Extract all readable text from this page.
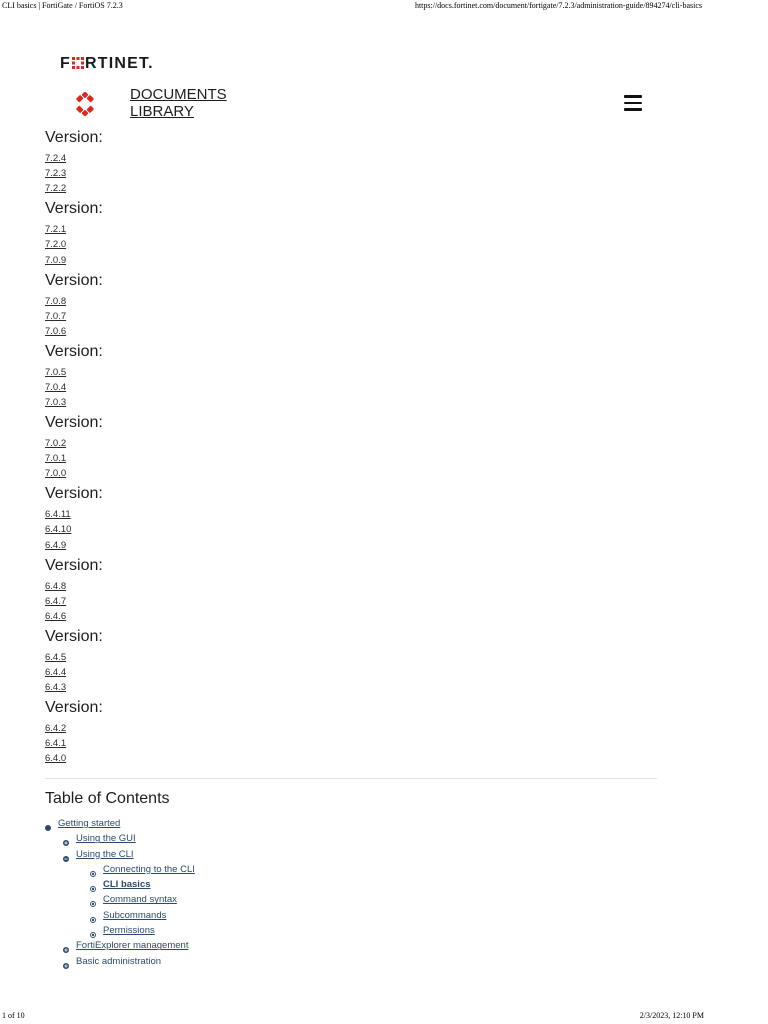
CLI basics | FortiGate / FortiOS 7.2.3	https://docs.fortinet.com/document/fortigate/7.2.3/administration-guide/894274/cli-basics
F RTINET.
DOCUMENTS
LIBRARY
Version:
7.2.4
7.2.3
7.2.2
Version:
7.2.1
7.2.0
7.0.9
Version:
7.0.8
7.0.7
7.0.6
Version:
7.0.5
7.0.4
7.0.3
Version:
7.0.2
7.0.1
7.0.0
Version:
6.4.11
6.4.10
6.4.9
Version:
6.4.8
6.4.7
6.4.6
Version:
6.4.5
6.4.4
6.4.3
Version:
6.4.2
6.4.1
6.4.0
Table of Contents
Getting started
Using the GUI
Using the CLI
Connecting to the CLI
CLI basics
Command syntax
Subcommands
Permissions
FortiExplorer management
Basic administration
1 of 10	2/3/2023, 12:10 PM
